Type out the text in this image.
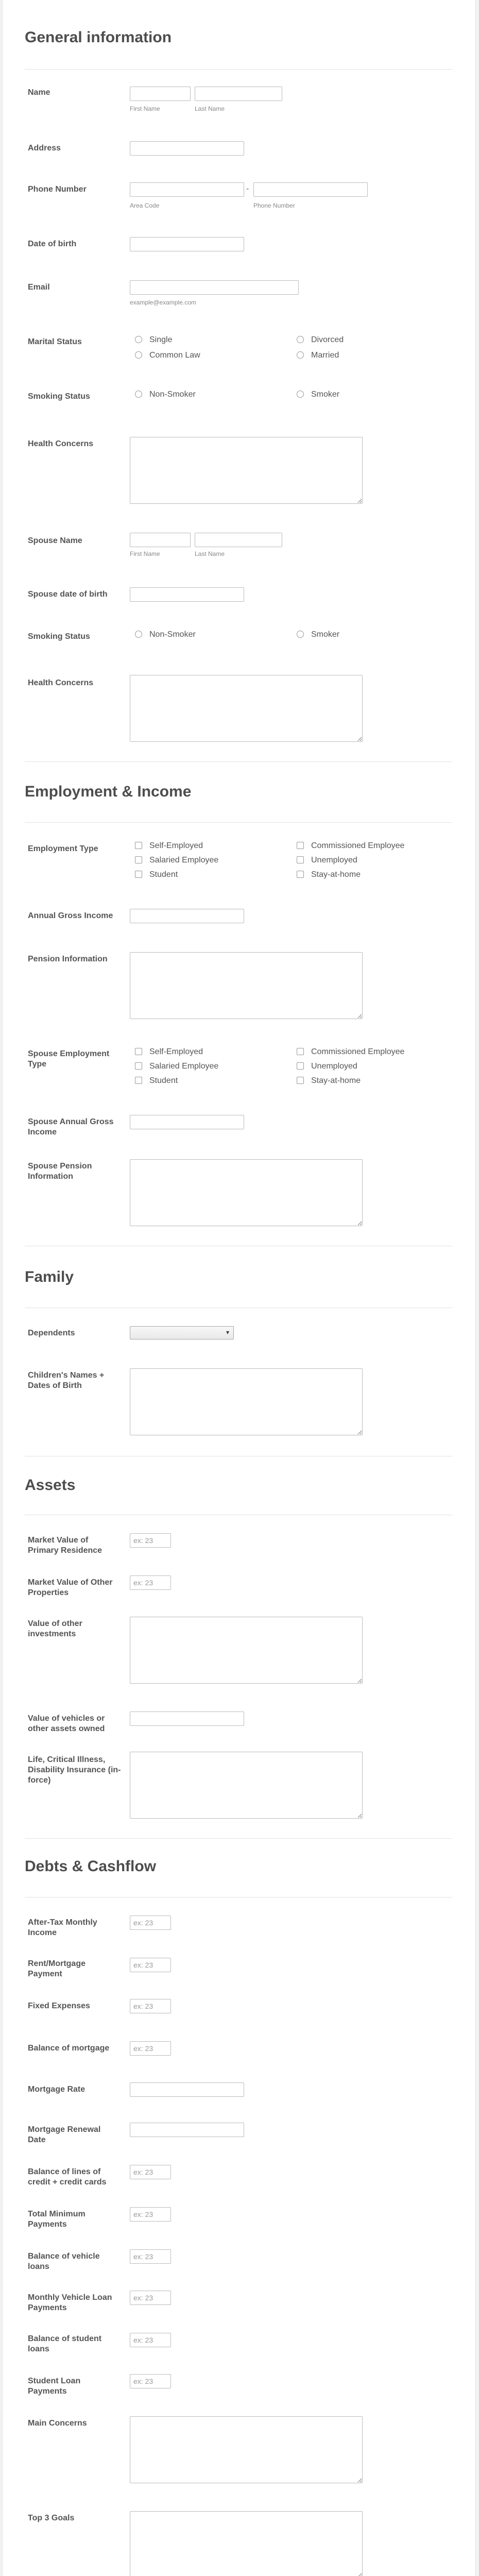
General information
Name
First Name	Last Name
Address
Phone Number	-
Area Code	Phone Number
Date of birth
Email
example@example.com
Marital Status	Single	Divorced
Common Law	Married
Smoking Status	Non-Smoker	Smoker
Health Concerns
Spouse Name
First Name	Last Name
Spouse date of birth
Smoking Status	Non-Smoker	Smoker
Health Concerns
Employment & Income
Employment Type	Self-Employed	Commissioned Employee
Salaried Employee	Unemployed
Student	Stay-at-home
Annual Gross Income
Pension Information
Spouse Employment Type
Self-Employed	Commissioned Employee
Salaried Employee	Unemployed
Student	Stay-at-home
Spouse Annual Gross Income
Spouse Pension Information
Family
Dependents	▾
Children's Names + Dates of Birth
Assets
Market Value of Primary Residence
ex: 23
Market Value of Other Properties
ex: 23
Value of other investments
Value of vehicles or other assets owned
Life, Critical Illness, Disability Insurance (in-force)
Debts & Cashflow
After-Tax Monthly Income
ex: 23
Rent/Mortgage Payment
ex: 23
Fixed Expenses
ex: 23
Balance of mortgage
ex: 23
Mortgage Rate
Mortgage Renewal Date
Balance of lines of credit + credit cards
ex: 23
Total Minimum Payments
ex: 23
Balance of vehicle loans
ex: 23
Monthly Vehicle Loan Payments
ex: 23
Balance of student loans
ex: 23
Student Loan Payments
ex: 23
Main Concerns
Top 3 Goals
